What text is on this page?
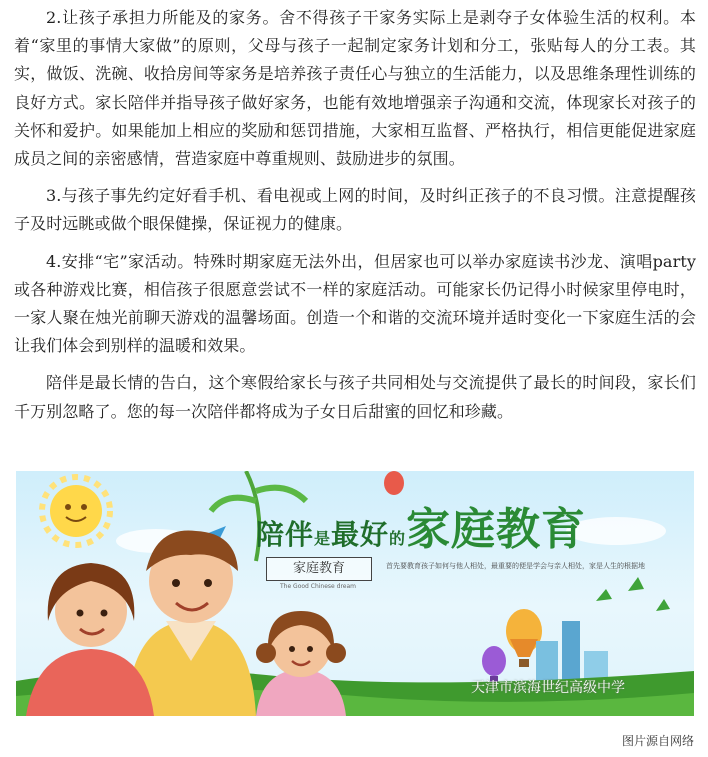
2.让孩子承担力所能及的家务。舍不得孩子干家务实际上是剥夺子女体验生活的权利。本着“家里的事情大家做”的原则，父母与孩子一起制定家务计划和分工，张贴每人的分工表。其实，做饭、洗碗、收拾房间等家务是培养孩子责任心与独立的生活能力，以及思维条理性训练的良好方式。家长陪伴并指导孩子做好家务，也能有效地增强亲子沟通和交流，体现家长对孩子的关怀和爱护。如果能加上相应的奖励和惩罚措施，大家相互监督、严格执行，相信更能促进家庭成员之间的亲密感情，营造家庭中尊重规则、鼓励进步的氛围。

3.与孩子事先约定好看手机、看电视或上网的时间，及时纠正孩子的不良习惯。注意提醒孩子及时远眺或做个眼保健操，保证视力的健康。

4.安排“宅”家活动。特殊时期家庭无法外出，但居家也可以举办家庭读书沙龙、演唱party或各种游戏比赛，相信孩子很愿意尝试不一样的家庭活动。可能家长仍记得小时候家里停电时，一家人聚在烛光前聊天游戏的温馨场面。创造一个和谐的交流环境并适时变化一下家庭生活的会让我们体会到别样的温暖和效果。

陪伴是最长情的告白，这个寒假给家长与孩子共同相处与交流提供了最长的时间段，家长们千万别忽略了。您的每一次陪伴都将成为子女日后甜蜜的回忆和珍藏。

陪伴是最好的家庭教育
家庭教育
The Good Chinese dream
首先要教育孩子如何与他人相处，最重要的便是学会与亲人相处，家是人生的根据地
天津市滨海世纪高级中学
图片源自网络
